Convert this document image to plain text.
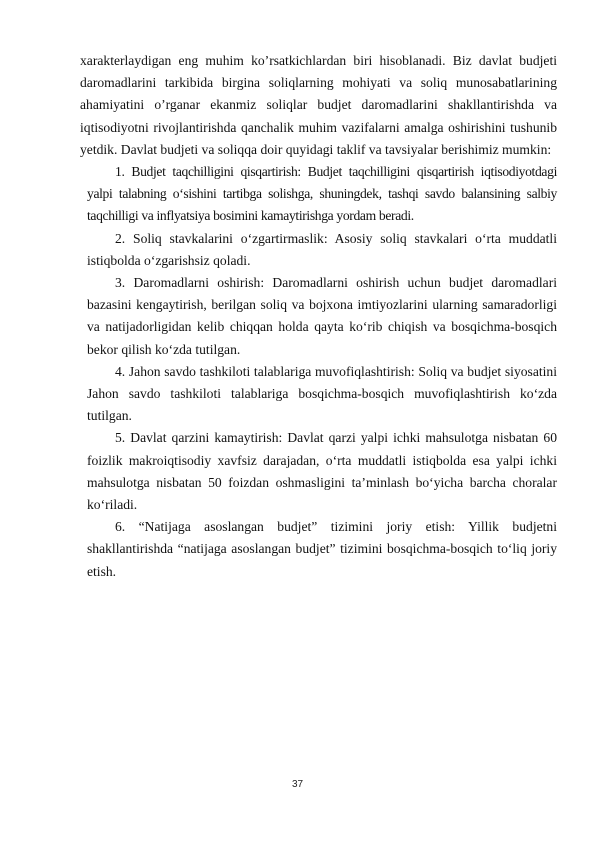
xarakterlaydigan eng muhim ko’rsatkichlardan biri hisoblanadi. Biz davlat budjeti daromadlarini tarkibida birgina soliqlarning mohiyati va soliq munosabatlarining ahamiyatini o’rganar ekanmiz soliqlar budjet daromadlarini shakllantirishda va iqtisodiyotni rivojlantirishda qanchalik muhim vazifalarni amalga oshirishini tushunib yetdik. Davlat budjeti va soliqqa doir quyidagi taklif va tavsiyalar berishimiz mumkin:

1. Budjet taqchilligini qisqartirish: Budjet taqchilligini qisqartirish iqtisodiyotdagi yalpi talabning o‘sishini tartibga solishga, shuningdek, tashqi savdo balansining salbiy taqchilligi va inflyatsiya bosimini kamaytirishga yordam beradi.

2. Soliq stavkalarini o‘zgartirmaslik: Asosiy soliq stavkalari o‘rta muddatli istiqbolda o‘zgarishsiz qoladi.

3. Daromadlarni oshirish: Daromadlarni oshirish uchun budjet daromadlari bazasini kengaytirish, berilgan soliq va bojxona imtiyozlarini ularning samaradorligi va natijadorligidan kelib chiqqan holda qayta ko‘rib chiqish va bosqichma-bosqich bekor qilish ko‘zda tutilgan.

4. Jahon savdo tashkiloti talablariga muvofiqlashtirish: Soliq va budjet siyosatini Jahon savdo tashkiloti talablariga bosqichma-bosqich muvofiqlashtirish ko‘zda tutilgan.

5. Davlat qarzini kamaytirish: Davlat qarzi yalpi ichki mahsulotga nisbatan 60 foizlik makroiqtisodiy xavfsiz darajadan, o‘rta muddatli istiqbolda esa yalpi ichki mahsulotga nisbatan 50 foizdan oshmasligini ta’minlash bo‘yicha barcha choralar ko‘riladi.

6. “Natijaga asoslangan budjet” tizimini joriy etish: Yillik budjetni shakllantirishda “natijaga asoslangan budjet” tizimini bosqichma-bosqich to‘liq joriy etish.

37
